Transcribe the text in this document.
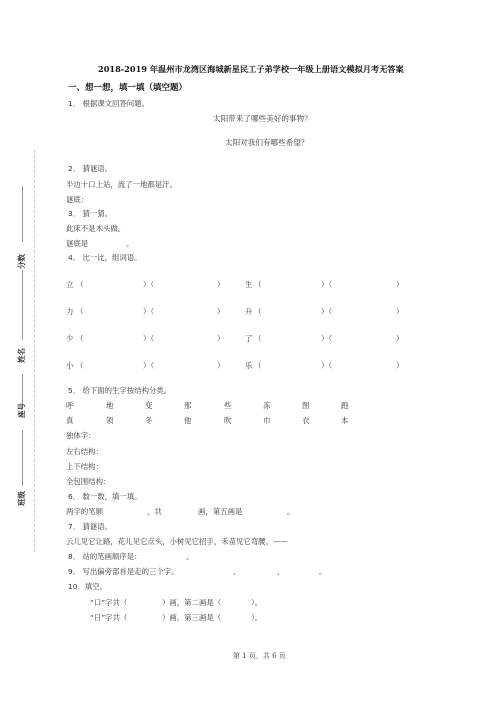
分数
姓名
座号
班级
2018-2019 年温州市龙湾区海城新星民工子弟学校一年级上册语文模拟月考无答案
一、想一想，填一填（填空题）
1． 根据课文回答问题。
太阳带来了哪些美好的事物？
太阳对我们有哪些希望？
2． 猜谜语。
半边十口上站，流了一地都是汗。
谜底：
3． 猜一猜。
此床不是木头做。
谜底是	。
4． 比一比，组词语。
立 （	）（	）	生 （	）（	）
力 （	）（	）	升 （	）（	）
少 （	）（	）	了 （	）（	）
小 （	）（	）	乐 （	）（	）
5． 给下面的生字按结构分类。
呼	地	变	那	些	冻	图	跑
真	领	冬	他	吹	巾	衣	本
独体字：
左右结构：
上下结构：
全包围结构：
6． 数一数，填一填。
两字的笔顺	，共	画，第五画是	。
7． 猜谜语。
云儿见它让路，花儿见它点头，小树见它招手，禾苗见它弯腰。——
8． 站的笔画顺序是：	。
9． 写出偏旁部首是走的三个字。	、	、	。
10．填空。
“口”字共（	）画，第二画是（	）。
“日”字共（	）画，第三画是（	）。
第 1 页，共 6 页
